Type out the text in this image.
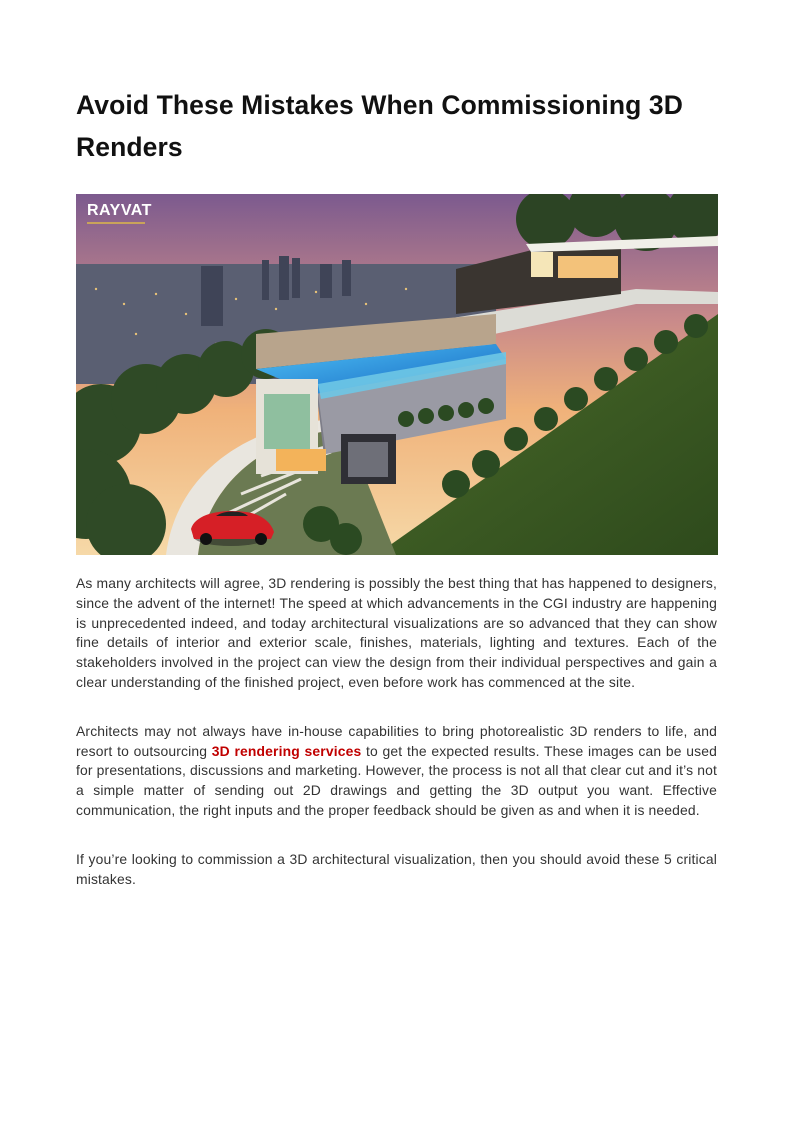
Avoid These Mistakes When Commissioning 3D Renders
RAYVAT

As many architects will agree, 3D rendering is possibly the best thing that has happened to designers, since the advent of the internet! The speed at which advancements in the CGI industry are happening is unprecedented indeed, and today architectural visualizations are so advanced that they can show fine details of interior and exterior scale, finishes, materials, lighting and textures. Each of the stakeholders involved in the project can view the design from their individual perspectives and gain a clear understanding of the finished project, even before work has commenced at the site.

Architects may not always have in-house capabilities to bring photorealistic 3D renders to life, and resort to outsourcing 3D rendering services to get the expected results. These images can be used for presentations, discussions and marketing. However, the process is not all that clear cut and it’s not a simple matter of sending out 2D drawings and getting the 3D output you want. Effective communication, the right inputs and the proper feedback should be given as and when it is needed.

If you’re looking to commission a 3D architectural visualization, then you should avoid these 5 critical mistakes.
